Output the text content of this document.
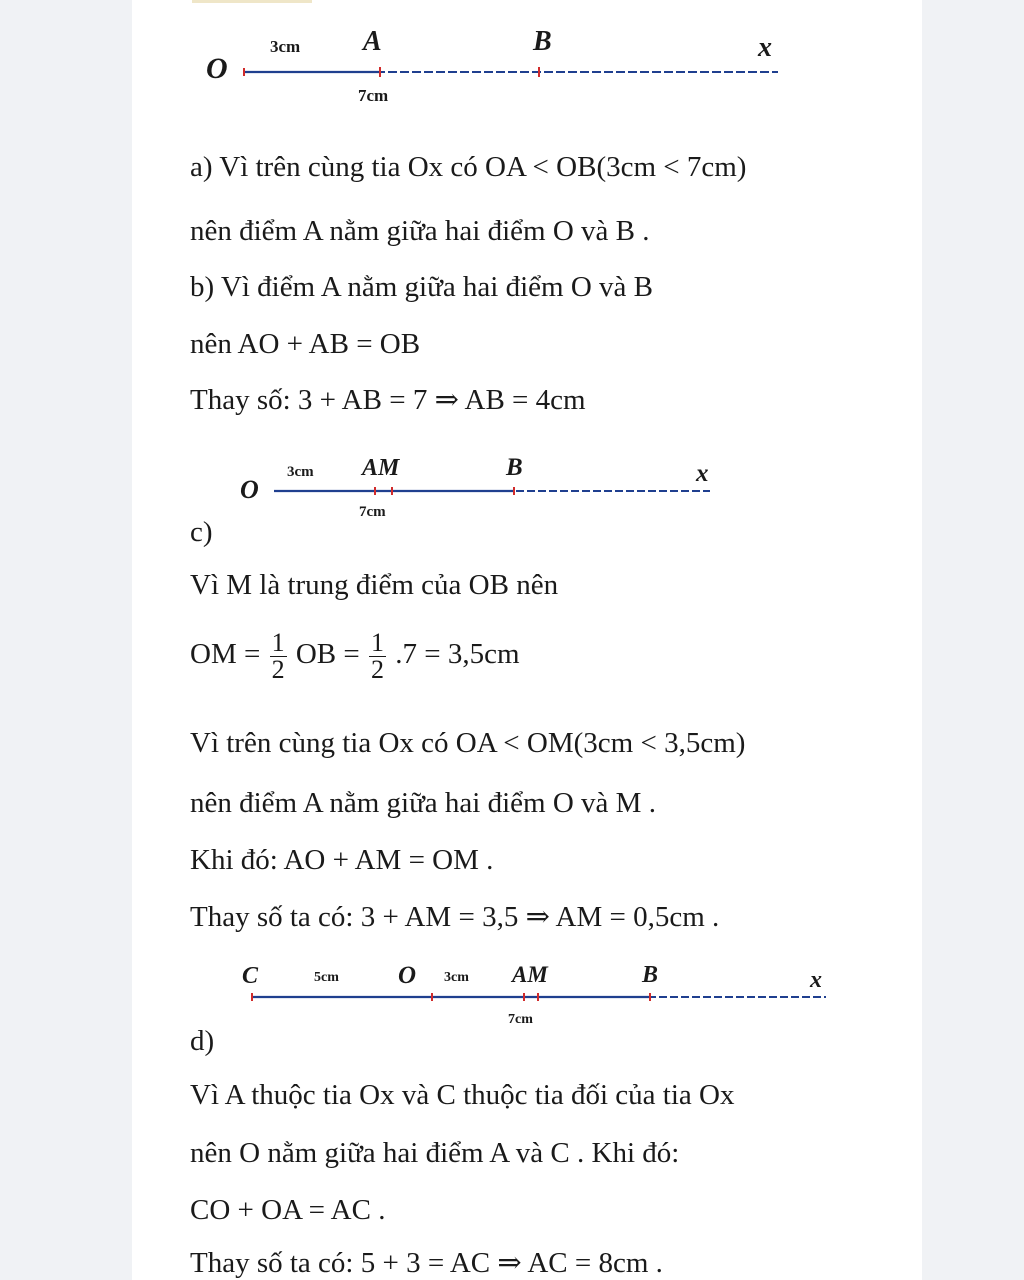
O
3cm A	B	x
7cm
a) Vì trên cùng tia Ox có OA < OB(3cm < 7cm)
nên điểm A nằm giữa hai điểm O và B .
b) Vì điểm A nằm giữa hai điểm O và B
nên AO + AB = OB
Thay số: 3 + AB = 7 ⇒ AB = 4cm
O
3cm AM	B	x
7cm
c)
Vì M là trung điểm của OB nên
OM = $\frac{1}{2}$ OB = $\frac{1}{2} .7 = 3,5cm$
Vì trên cùng tia Ox có OA < OM(3cm < 3,5cm)
nên điểm A nằm giữa hai điểm O và M .
Khi đó: AO + AM = OM .
Thay số ta có: 3 + AM = 3,5 ⇒ AM = 0,5cm .
C	5cm O 3cm AM	B	x
7cm
d)
Vì A thuộc tia Ox và C thuộc tia đối của tia Ox
nên O nằm giữa hai điểm A và C . Khi đó:
CO + OA = AC .
Thay số ta có: 5 + 3 = AC ⇒ AC = 8cm .
